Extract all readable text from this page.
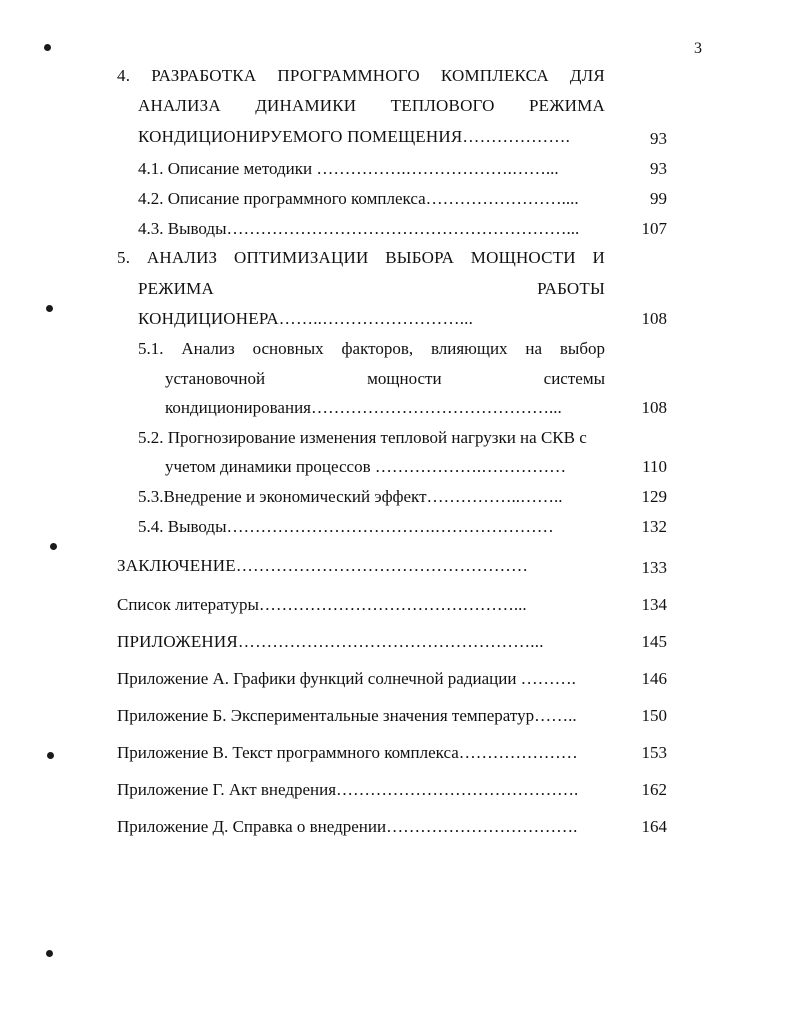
3
4. РАЗРАБОТКА ПРОГРАММНОГО КОМПЛЕКСА ДЛЯ
АНАЛИЗА ДИНАМИКИ ТЕПЛОВОГО РЕЖИМА
КОНДИЦИОНИРУЕМОГО ПОМЕЩЕНИЯ……………….	93
4.1. Описание методики …………….……………….……...	93
4.2. Описание программного комплекса……………………....	99
4.3. Выводы……………………………………………………...	107
5. АНАЛИЗ ОПТИМИЗАЦИИ ВЫБОРА МОЩНОСТИ И
РЕЖИМА	РАБОТЫ
КОНДИЦИОНЕРА……..……………………...	108
5.1. Анализ основных факторов, влияющих на выбор
установочной	мощности	системы
кондиционирования……………………………………...	108
5.2. Прогнозирование изменения тепловой нагрузки на СКВ с
учетом динамики процессов ……………….……………	110
5.3.Внедрение и экономический эффект……………..……..	129
5.4. Выводы……………………………….…………………	132
ЗАКЛЮЧЕНИЕ……………………………………………	133
Список литературы………………………………………...	134
ПРИЛОЖЕНИЯ……………………………………………...	145
Приложение А. Графики функций солнечной радиации ……….	146
Приложение Б. Экспериментальные значения температур……..	150
Приложение В. Текст программного комплекса…………………	153
Приложение Г. Акт внедрения…………………………………….	162
Приложение Д. Справка о внедрении…………………………….	164
